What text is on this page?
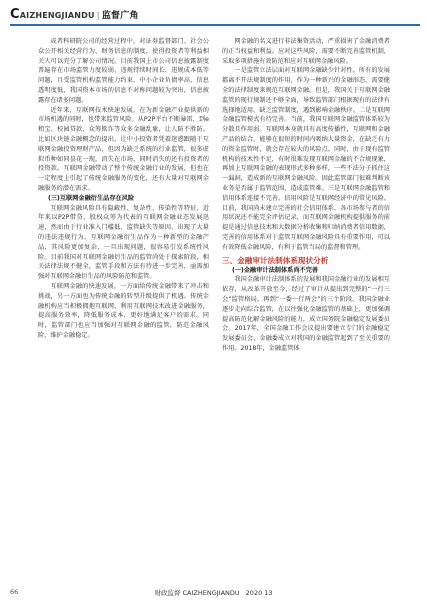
CAIZHENGJIANDU | 监督广角

或者科研院公司的经营过程中，对证券监督部门、社会公众公开相关经营行为、财务信息的制度，使得投资者等利益相关人可以充分了解公司情况。目前我国上市公司信息披露制度普遍存在市场监管力度较弱，违规持续时间长、违规成本低等问题，且受监管机构监管能力约束，中小企业负债率高、信息透明度低，我国资本市场的信息不对称问题较为突出，信息披露存在诸多问题。

近年来，互联网技术快速发展，在为新金融产业提供新的市场机遇的同时，也带来监管风险。从P2P平台不断暴雷，到e租宝、校园贷款、众筹欺诈等众多金融乱象，让人防不胜防。比如区块链金融概念的提出，让中小投资者凭着迷惑跟随于互联网金融投资理财产品，但因为缺乏系统的行业监管，很多虚拟币种如同昙花一现，消失在市场，同时消失的还有投资者的投资款。互联网金融带动了整个传统金融行业的发展，但也在一定程度上引起了传统金融服务的变化，还有大量对互联网金融服务的潜在需求。

(三)互联网金融衍生品存在风险

互联网金融风险具有隐蔽性、复杂性、传染性等特征，近年来以P2P借贷、股权众筹为代表的互联网金融业态发展迅速，然而由于行业准入门槛低、监管缺失等原因，出现了大量的违法违规行为。互联网金融衍生品作为一种新型的金融产品，其风险更加复杂，一旦出现问题，很容易引发系统性风险。目前我国对互联网金融衍生品的监管尚处于探索阶段，相关法律法规不健全，监管手段和方法有待进一步完善，亟需加强对互联网金融衍生品的风险防范和监管。

互联网金融的快速发展，一方面给传统金融带来了冲击和挑战，另一方面也为传统金融的转型升级提供了机遇。传统金融机构应当积极拥抱互联网，利用互联网技术改进金融服务，提高服务效率，降低服务成本，更好地满足客户的需求。同时，监管部门也应当加强对互联网金融的监管，防范金融风险，维护金融稳定。

网金融的名义进行非法集资活动，严重损害了金融消费者的正当权益和利益。应对这些风险，需要不断完善监管机制，采取多项措施有效防范和应对互联网金融风险。

一是监管立法层面对互联网金融缺少针对性。所有的发展都离不开法规制度的作用，作为一种新兴的金融形态，需要健全的法律制度来规范互联网金融。但是，我国关于互联网金融监管的现行规制还不够全面，导致监管部门根据现有的法律有选择地适用，缺乏监管制度，遇到影响金融秩序。二是互联网金融监管模式有待完善。当前，我国互联网金融监管体系较为分散且作用弱。互联网本身就具有高度传播性，互联网和金融产品的结合，能够在很短的时间内吸纳大量资金，在缺乏有力的资金监管时，就会存在较大的风险点。同时，由于现有监管机构的技术性不足，有时很难发现互联网金融的不合规现象，再加上互联网金融的表现形式多种多样，一些不法分子抓住这一漏洞，造成新的互联网金融风险。因此监管部门很难判断该业务是否属于监管范围，造成监管难。三是互联网金融监管和信用体系连接不完善。信用风险是互联网经济中的常见风险。目前，我国尚未建立完善的社会信用体系，各市场参与者的信用状况还不能完全评估记录，而互联网金融机构提供服务的前提是通过信息技术和大数据分析收集和归纳消费者信用数据，完善的信用体系对于监管互联网金融风险具有重要作用，可以有效降低金融风险，有利于监管当局的监督和管理。

三、金融审计法制体系现状分析

(一)金融审计法制体系尚不完善

我国金融审计法制体系的发展和我国金融行业的发展相互依存，从改革开放至今，经过了审计从提出到完整的“一行三会”监管格局，再到“一委一行两会”的三个阶段。我国金融业逐步走向综合监管，在以往强化金融监管的基础上，更加强调提高防范化解金融风险的能力，成立国务院金融稳定发展委员会。2017年，全国金融工作会议提出要建立专门的金融稳定发展委员会，金融委成立对我国的金融监管起到了至关重要的作用。2018年，金融监管体

66	财政监督 CAIZHENGJIANDU 2020 13
